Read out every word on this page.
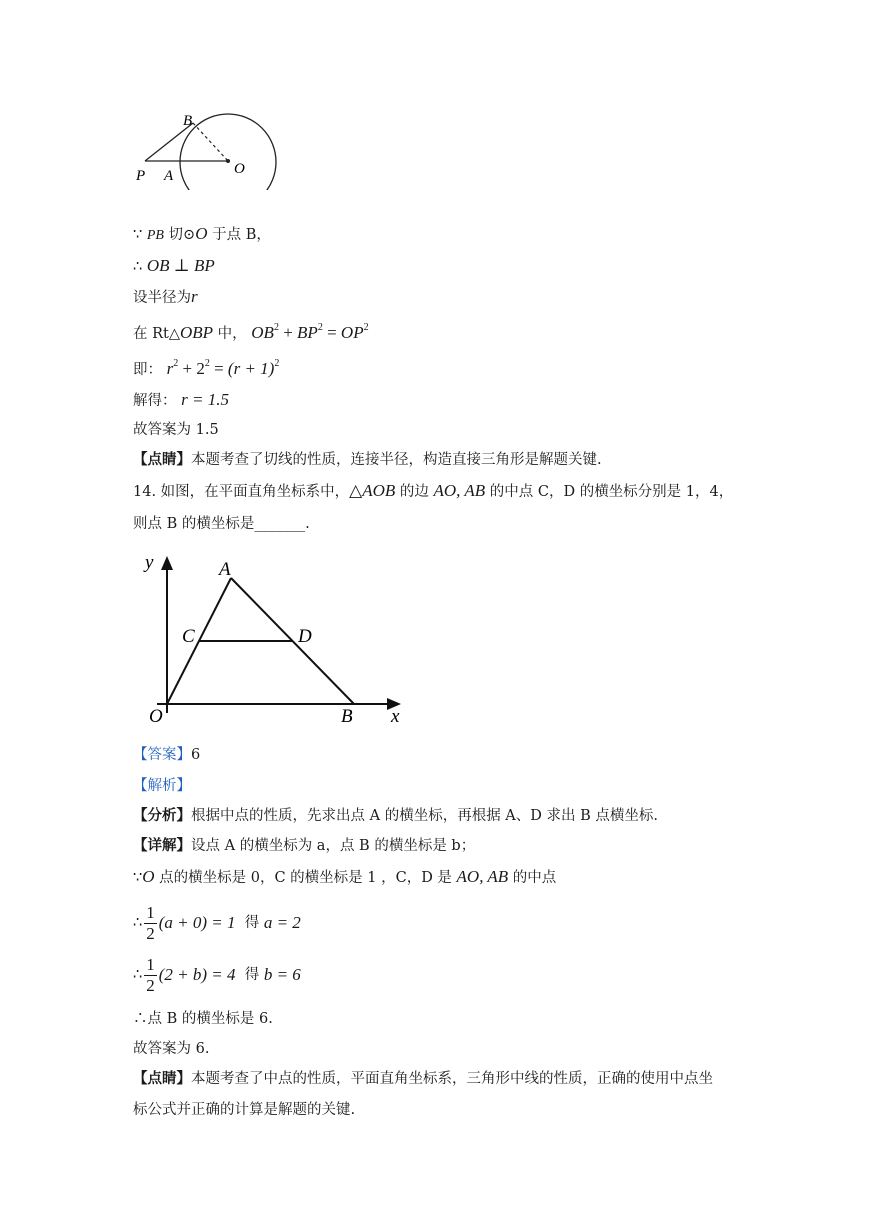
B
P A	O
∵ PB 切⊙O 于点 B，
∴ OB ⊥ BP
设半径为r
在 Rt△OBP 中， $OB^2 + BP^2 = OP^2$
即： $r^2 + 2^2 = (r + 1)^2$
解得： r = 1.5
故答案为 1.5
【点睛】本题考查了切线的性质，连接半径，构造直接三角形是解题关键.
14. 如图，在平面直角坐标系中，△AOB 的边 AO, AB 的中点 C，D 的横坐标分别是 1，4，
则点 B 的横坐标是_______.
y	A
C	D
O	B x
【答案】6
【解析】
【分析】根据中点的性质，先求出点 A 的横坐标，再根据 A、D 求出 B 点横坐标.
【详解】设点 A 的横坐标为 a，点 B 的横坐标是 b；
∵O 点的横坐标是 0，C 的横坐标是 1 ，C，D 是 AO, AB 的中点
∴ $\frac{1}{2} (a + 0) = 1$ 得 a = 2
∴ $\frac{1}{2} (2 + b) = 4$ 得 b = 6
∴点 B 的横坐标是 6.
故答案为 6.
【点睛】本题考查了中点的性质，平面直角坐标系，三角形中线的性质，正确的使用中点坐
标公式并正确的计算是解题的关键.
